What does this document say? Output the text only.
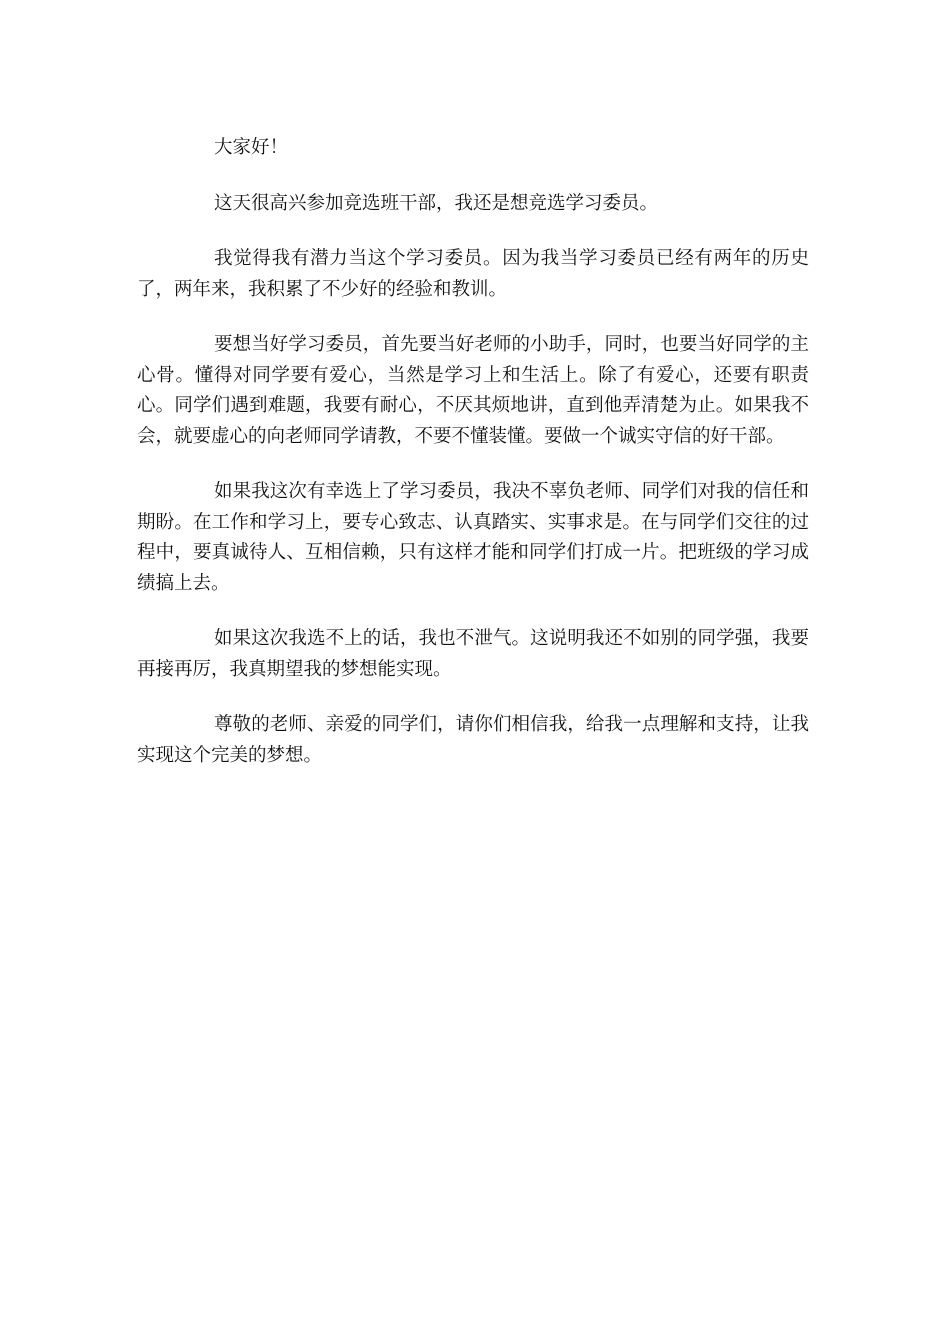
大家好！

这天很高兴参加竞选班干部，我还是想竞选学习委员。

我觉得我有潜力当这个学习委员。因为我当学习委员已经有两年的历史了，两年来，我积累了不少好的经验和教训。

要想当好学习委员，首先要当好老师的小助手，同时，也要当好同学的主心骨。懂得对同学要有爱心，当然是学习上和生活上。除了有爱心，还要有职责心。同学们遇到难题，我要有耐心，不厌其烦地讲，直到他弄清楚为止。如果我不会，就要虚心的向老师同学请教，不要不懂装懂。要做一个诚实守信的好干部。

如果我这次有幸选上了学习委员，我决不辜负老师、同学们对我的信任和期盼。在工作和学习上，要专心致志、认真踏实、实事求是。在与同学们交往的过程中，要真诚待人、互相信赖，只有这样才能和同学们打成一片。把班级的学习成绩搞上去。

如果这次我选不上的话，我也不泄气。这说明我还不如别的同学强，我要再接再厉，我真期望我的梦想能实现。

尊敬的老师、亲爱的同学们，请你们相信我，给我一点理解和支持，让我实现这个完美的梦想。
